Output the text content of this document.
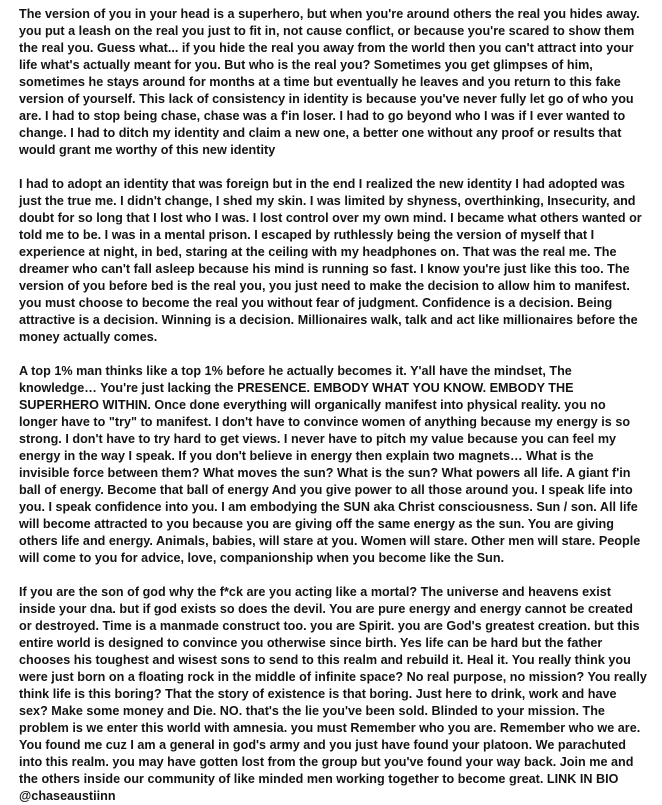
The version of you in your head is a superhero, but when you're around others the real you hides away. you put a leash on the real you just to fit in, not cause conflict, or because you're scared to show them the real you. Guess what... if you hide the real you away from the world then you can't attract into your life what's actually meant for you. But who is the real you? Sometimes you get glimpses of him, sometimes he stays around for months at a time but eventually he leaves and you return to this fake version of yourself. This lack of consistency in identity is because you've never fully let go of who you are. I had to stop being chase, chase was a f'in loser. I had to go beyond who I was if I ever wanted to change. I had to ditch my identity and claim a new one, a better one without any proof or results that would grant me worthy of this new identity

I had to adopt an identity that was foreign but in the end I realized the new identity I had adopted was just the true me. I didn't change, I shed my skin. I was limited by shyness, overthinking, Insecurity, and doubt for so long that I lost who I was. I lost control over my own mind. I became what others wanted or told me to be. I was in a mental prison. I escaped by ruthlessly being the version of myself that I experience at night, in bed, staring at the ceiling with my headphones on. That was the real me. The dreamer who can't fall asleep because his mind is running so fast. I know you're just like this too. The version of you before bed is the real you, you just need to make the decision to allow him to manifest. you must choose to become the real you without fear of judgment. Confidence is a decision. Being attractive is a decision. Winning is a decision. Millionaires walk, talk and act like millionaires before the money actually comes.

A top 1% man thinks like a top 1% before he actually becomes it. Y'all have the mindset, The knowledge… You're just lacking the PRESENCE. EMBODY WHAT YOU KNOW. EMBODY THE SUPERHERO WITHIN. Once done everything will organically manifest into physical reality. you no longer have to "try" to manifest. I don't have to convince women of anything because my energy is so strong. I don't have to try hard to get views. I never have to pitch my value because you can feel my energy in the way I speak. If you don't believe in energy then explain two magnets… What is the invisible force between them? What moves the sun? What is the sun? What powers all life. A giant f'in ball of energy. Become that ball of energy And you give power to all those around you. I speak life into you. I speak confidence into you. I am embodying the SUN aka Christ consciousness. Sun / son. All life will become attracted to you because you are giving off the same energy as the sun. You are giving others life and energy. Animals, babies, will stare at you. Women will stare. Other men will stare. People will come to you for advice, love, companionship when you become like the Sun.

If you are the son of god why the f*ck are you acting like a mortal? The universe and heavens exist inside your dna. but if god exists so does the devil. You are pure energy and energy cannot be created or destroyed. Time is a manmade construct too. you are Spirit. you are God's greatest creation. but this entire world is designed to convince you otherwise since birth. Yes life can be hard but the father chooses his toughest and wisest sons to send to this realm and rebuild it. Heal it. You really think you were just born on a floating rock in the middle of infinite space? No real purpose, no mission? You really think life is this boring? That the story of existence is that boring. Just here to drink, work and have sex? Make some money and Die. NO. that's the lie you've been sold. Blinded to your mission. The problem is we enter this world with amnesia. you must Remember who you are. Remember who we are. You found me cuz I am a general in god's army and you just have found your platoon. We parachuted into this realm. you may have gotten lost from the group but you've found your way back. Join me and the others inside our community of like minded men working together to become great. LINK IN BIO @chaseaustiinn
